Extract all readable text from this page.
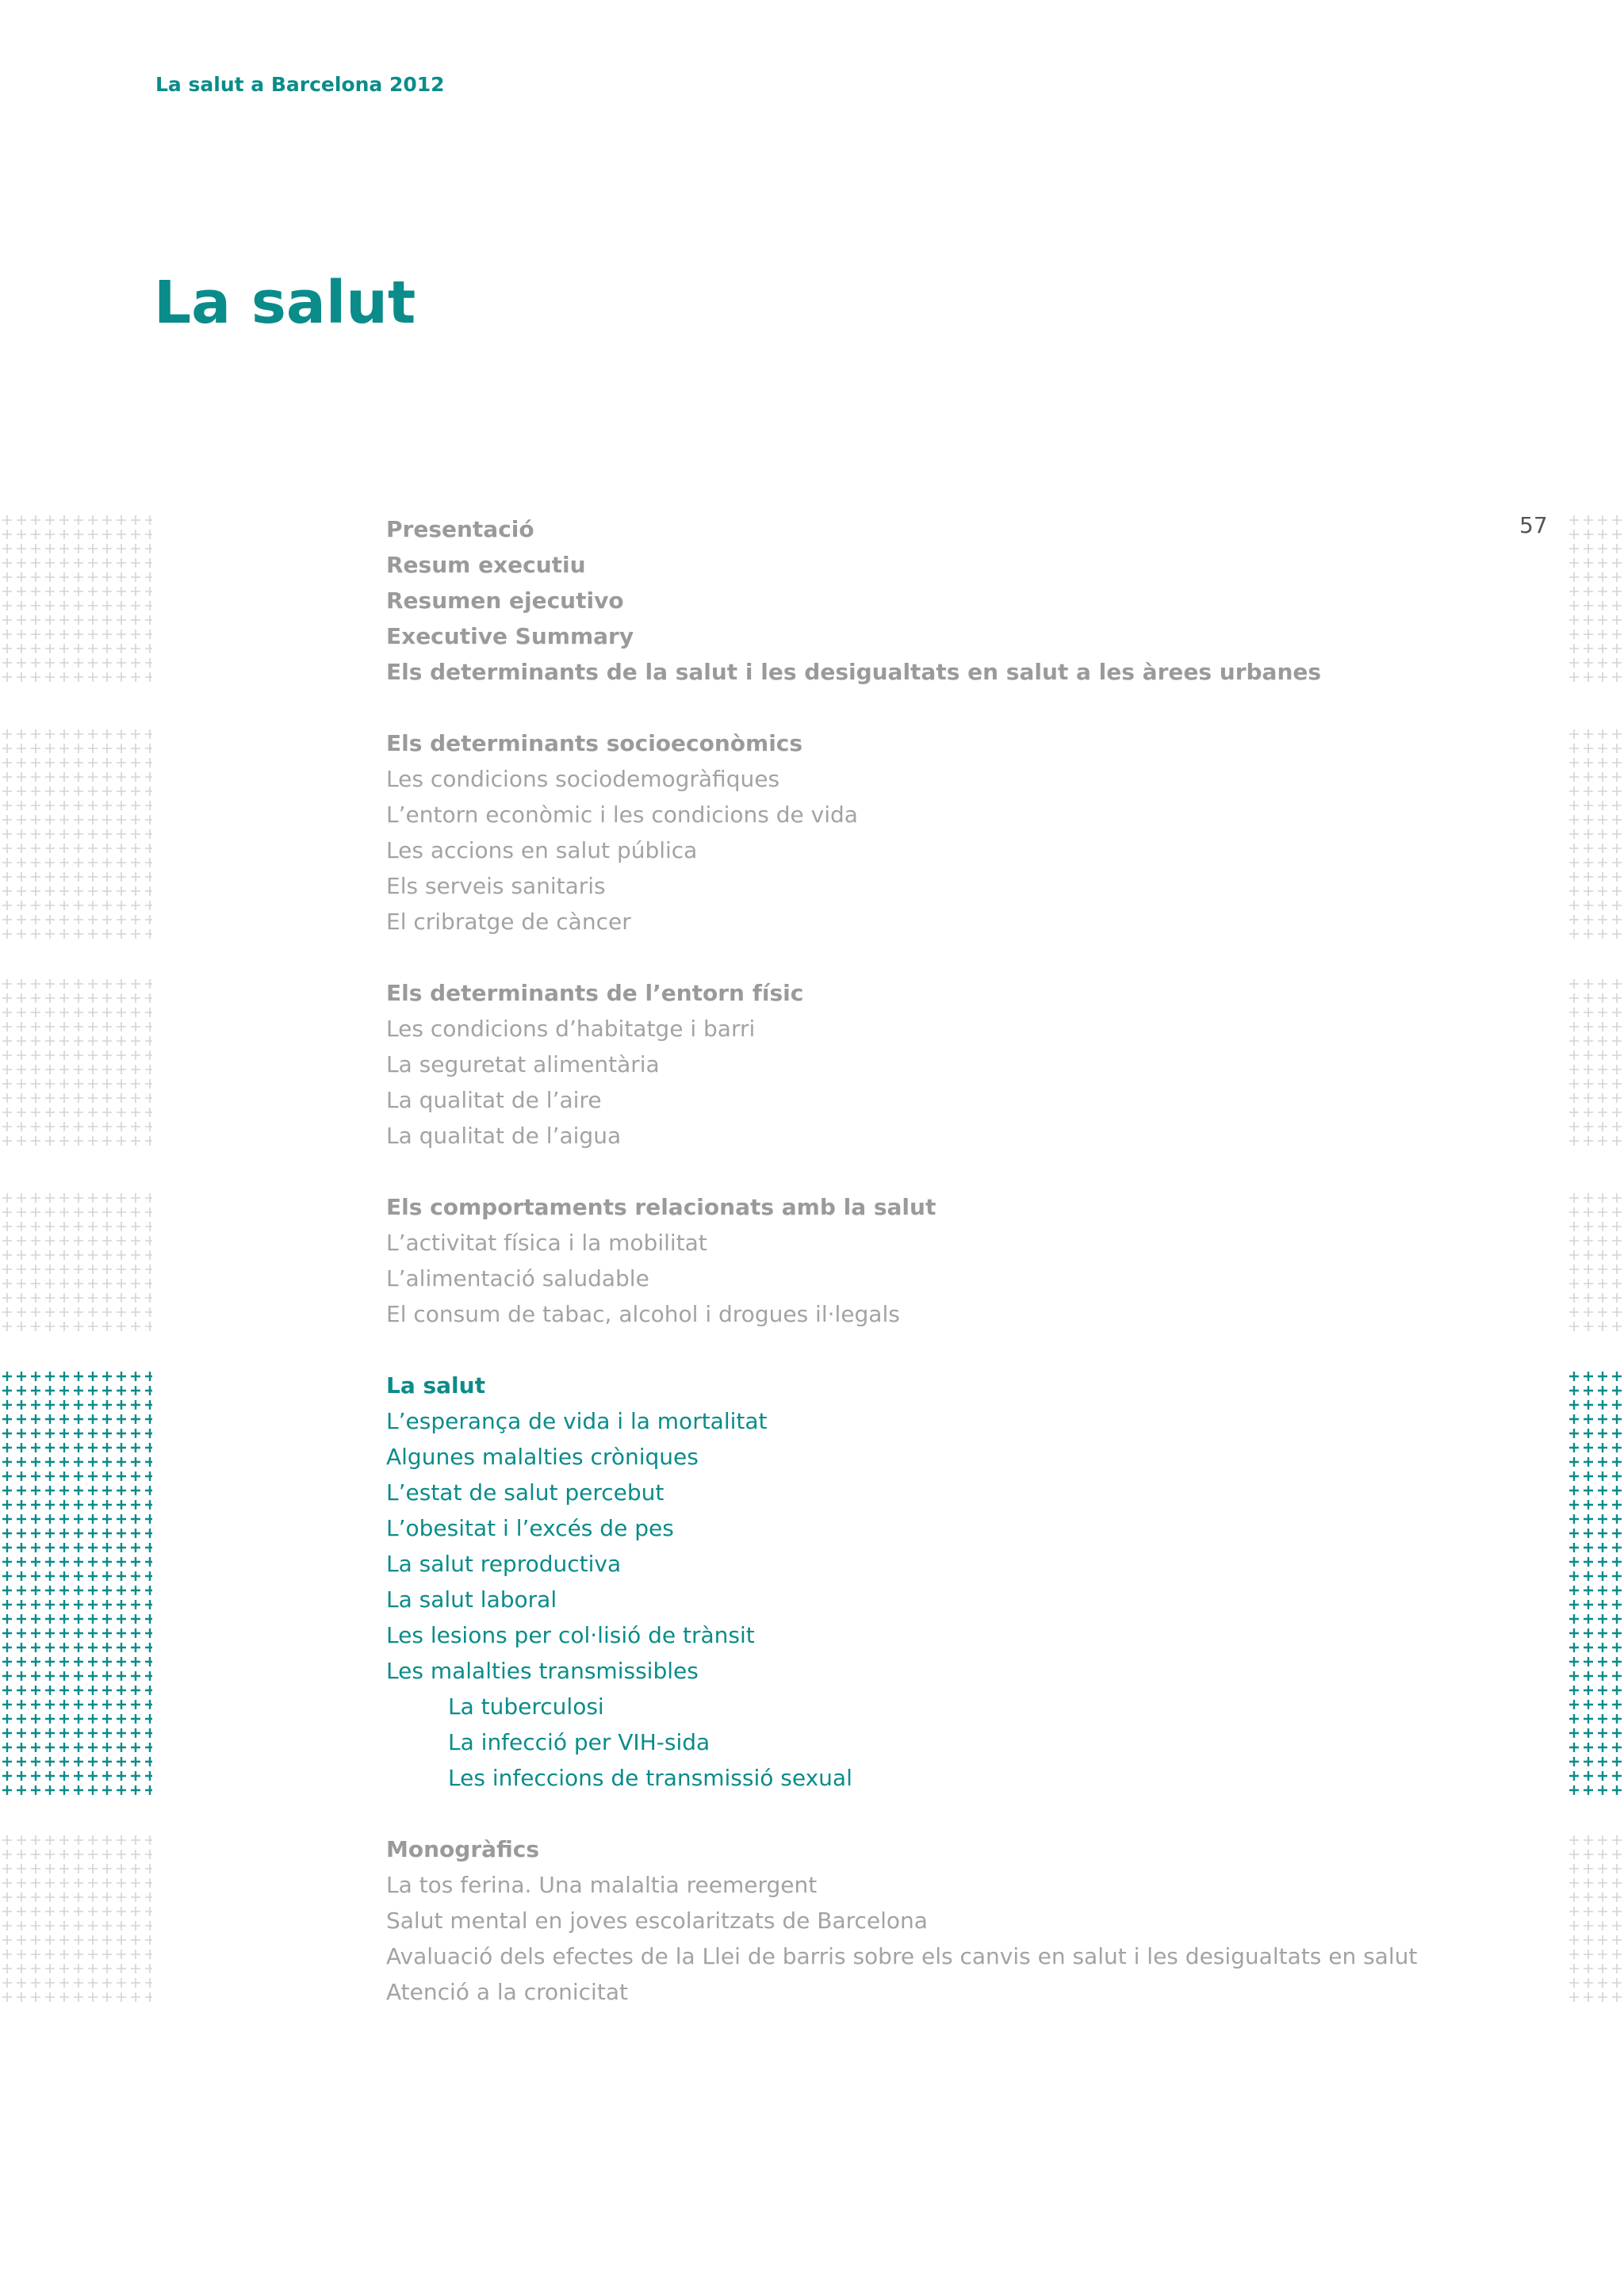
La salut a Barcelona 2012

La salut

57

Presentació
Resum executiu
Resumen ejecutivo
Executive Summary
Els determinants de la salut i les desigualtats en salut a les àrees urbanes
Els determinants socioeconòmics
Les condicions sociodemogràfiques
L’entorn econòmic i les condicions de vida
Les accions en salut pública
Els serveis sanitaris
El cribratge de càncer
Els determinants de l’entorn físic
Les condicions d’habitatge i barri
La seguretat alimentària
La qualitat de l’aire
La qualitat de l’aigua
Els comportaments relacionats amb la salut
L’activitat física i la mobilitat
L’alimentació saludable
El consum de tabac, alcohol i drogues il·legals
La salut
L’esperança de vida i la mortalitat
Algunes malalties cròniques
L’estat de salut percebut
L’obesitat i l’excés de pes
La salut reproductiva
La salut laboral
Les lesions per col·lisió de trànsit
Les malalties transmissibles
La tuberculosi
La infecció per VIH-sida
Les infeccions de transmissió sexual
Monogràfics
La tos ferina. Una malaltia reemergent
Salut mental en joves escolaritzats de Barcelona
Avaluació dels efectes de la Llei de barris sobre els canvis en salut i les desigualtats en salut
Atenció a la cronicitat
